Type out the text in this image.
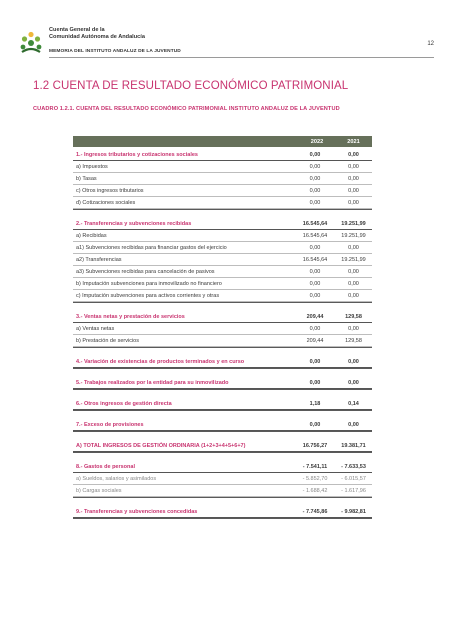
Cuenta General de la
Comunidad Autónoma de Andalucía
MEMORIA DEL INSTITUTO ANDALUZ DE LA JUVENTUD
12
1.2 CUENTA DE RESULTADO ECONÓMICO PATRIMONIAL
CUADRO 1.2.1. CUENTA DEL RESULTADO ECONÓMICO PATRIMONIAL INSTITUTO ANDALUZ DE LA JUVENTUD
2022	2021
1.- Ingresos tributarios y cotizaciones sociales	0,00	0,00
a) Impuestos	0,00	0,00
b) Tasas	0,00	0,00
c) Otros ingresos tributarios	0,00	0,00
d) Cotizaciones sociales	0,00	0,00
2.- Transferencias y subvenciones recibidas	16.545,64	19.251,99
a) Recibidas	16.545,64	19.251,99
a1) Subvenciones recibidas para financiar gastos del ejercicio	0,00	0,00
a2) Transferencias	16.545,64	19.251,99
a3) Subvenciones recibidas para cancelación de pasivos	0,00	0,00
b) Imputación subvenciones para inmovilizado no financiero	0,00	0,00
c) Imputación subvenciones para activos corrientes y otras	0,00	0,00
3.- Ventas netas y prestación de servicios	209,44	129,58
a) Ventas netas	0,00	0,00
b) Prestación de servicios	209,44	129,58
4.- Variación de existencias de productos terminados y en curso	0,00	0,00
5.- Trabajos realizados por la entidad para su inmovilizado	0,00	0,00
6.- Otros ingresos de gestión directa	1,18	0,14
7.- Exceso de provisiones	0,00	0,00
A) TOTAL INGRESOS DE GESTIÓN ORDINARIA (1+2+3+4+5+6+7)	16.756,27	19.381,71
8.- Gastos de personal	- 7.541,11	- 7.633,53
a) Sueldos, salarios y asimilados	- 5.852,70	- 6.015,57
b) Cargas sociales	- 1.688,42	- 1.617,96
9.- Transferencias y subvenciones concedidas	- 7.745,86	- 9.982,81
